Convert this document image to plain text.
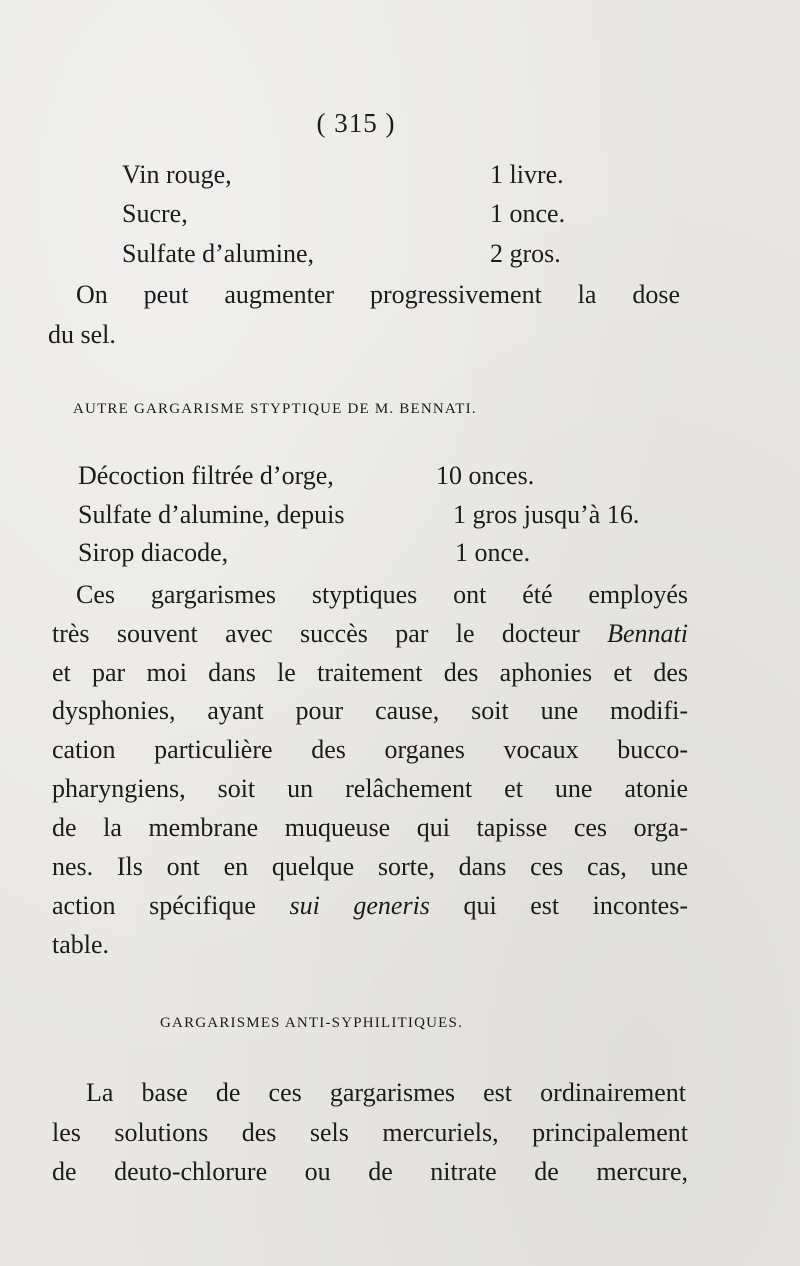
( 315 )
Vin rouge,	1 livre.
Sucre,	1 once.
Sulfate d’alumine,	2 gros.
On peut augmenter progressivement la dose
du sel.
AUTRE GARGARISME STYPTIQUE DE M. BENNATI.
Décoction filtrée d’orge,	10 onces.
Sulfate d’alumine, depuis	1 gros jusqu’à 16.
Sirop diacode,	1 once.
Ces gargarismes styptiques ont été employés
très souvent avec succès par le docteur Bennati
et par moi dans le traitement des aphonies et des
dysphonies, ayant pour cause, soit une modifi-
cation particulière des organes vocaux bucco-
pharyngiens, soit un relâchement et une atonie
de la membrane muqueuse qui tapisse ces orga-
nes. Ils ont en quelque sorte, dans ces cas, une
action spécifique sui generis qui est incontes-
table.
GARGARISMES ANTI-SYPHILITIQUES.
La base de ces gargarismes est ordinairement
les solutions des sels mercuriels, principalement
de deuto-chlorure ou de nitrate de mercure,
